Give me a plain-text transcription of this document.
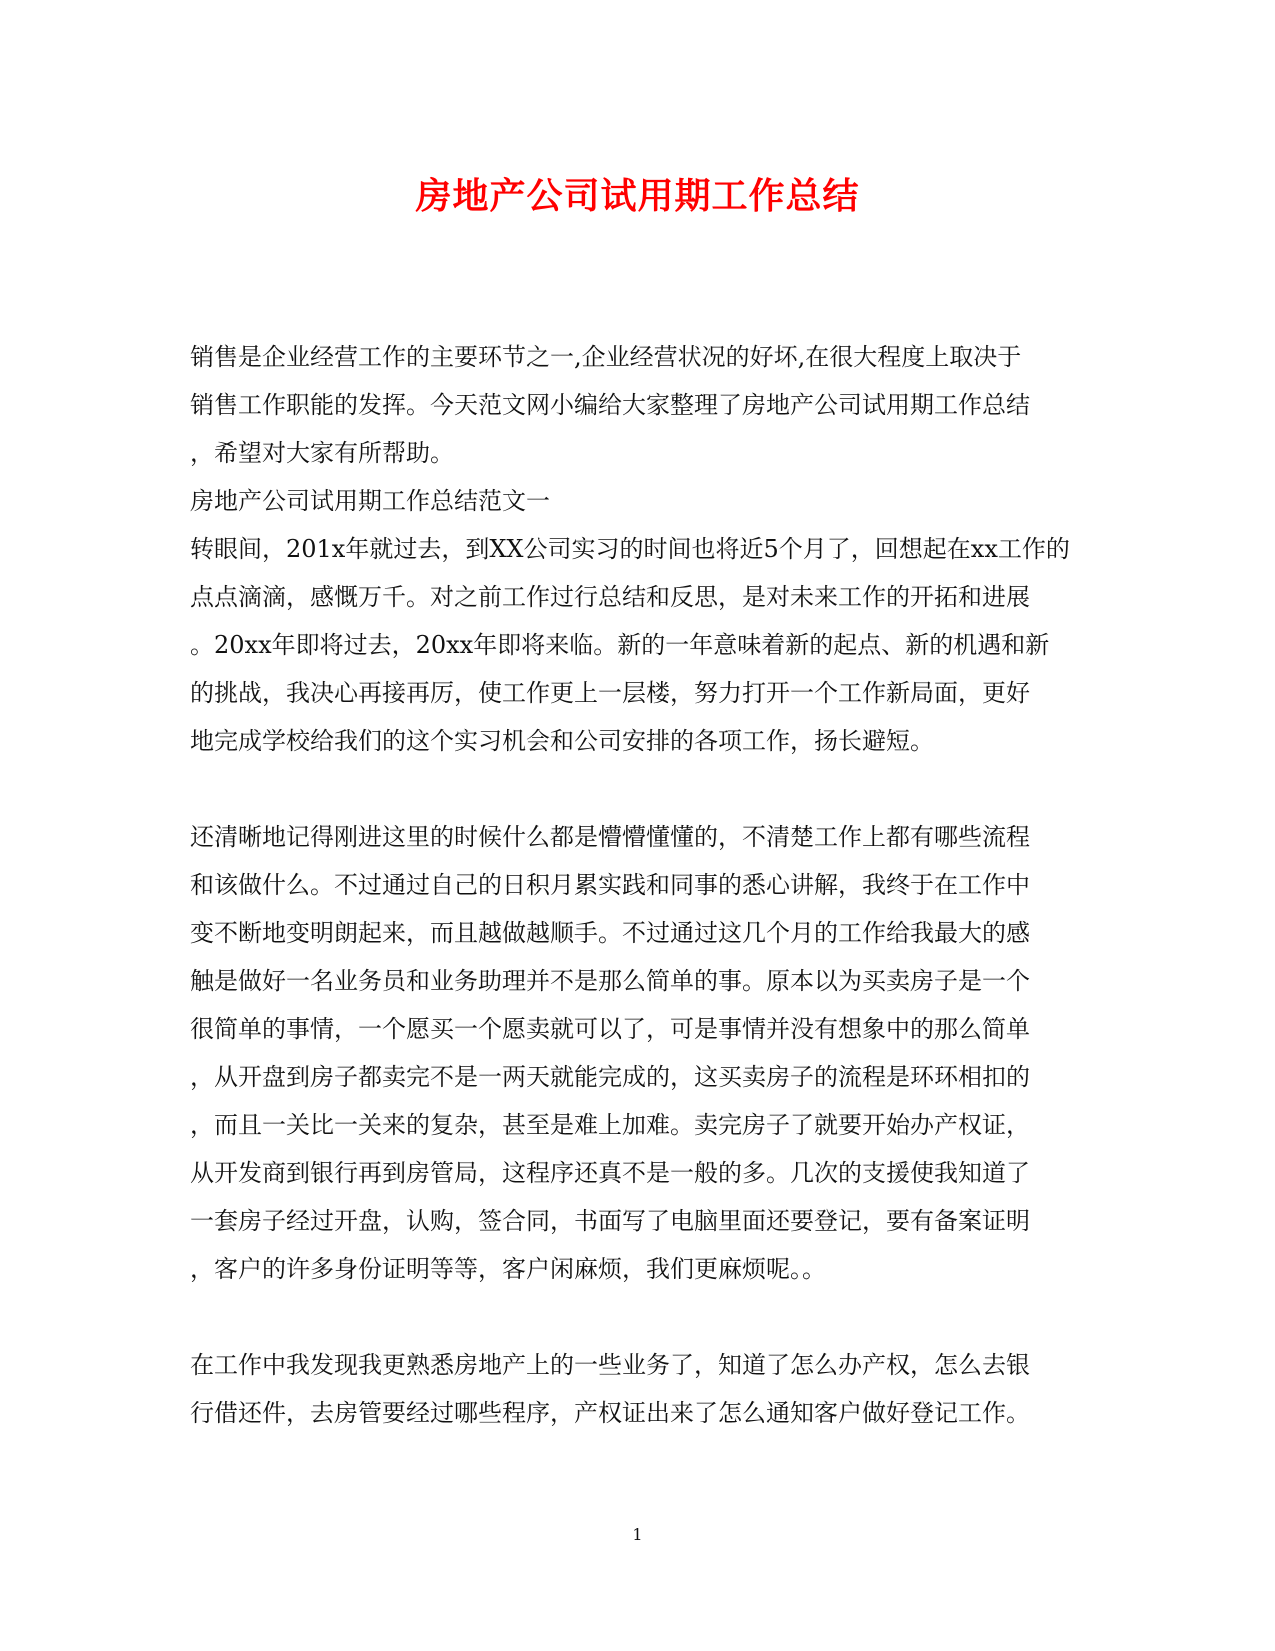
房地产公司试用期工作总结
销售是企业经营工作的主要环节之一,企业经营状况的好坏,在很大程度上取决于
销售工作职能的发挥。今天范文网小编给大家整理了房地产公司试用期工作总结
，希望对大家有所帮助。
房地产公司试用期工作总结范文一
转眼间，201x年就过去，到XX公司实习的时间也将近5个月了，回想起在xx工作的
点点滴滴，感慨万千。对之前工作过行总结和反思，是对未来工作的开拓和进展
。20xx年即将过去，20xx年即将来临。新的一年意味着新的起点、新的机遇和新
的挑战，我决心再接再厉，使工作更上一层楼，努力打开一个工作新局面，更好
地完成学校给我们的这个实习机会和公司安排的各项工作，扬长避短。
还清晰地记得刚进这里的时候什么都是懵懵懂懂的，不清楚工作上都有哪些流程
和该做什么。不过通过自己的日积月累实践和同事的悉心讲解，我终于在工作中
变不断地变明朗起来，而且越做越顺手。不过通过这几个月的工作给我最大的感
触是做好一名业务员和业务助理并不是那么简单的事。原本以为买卖房子是一个
很简单的事情，一个愿买一个愿卖就可以了，可是事情并没有想象中的那么简单
，从开盘到房子都卖完不是一两天就能完成的，这买卖房子的流程是环环相扣的
，而且一关比一关来的复杂，甚至是难上加难。卖完房子了就要开始办产权证，
从开发商到银行再到房管局，这程序还真不是一般的多。几次的支援使我知道了
一套房子经过开盘，认购，签合同，书面写了电脑里面还要登记，要有备案证明
，客户的许多身份证明等等，客户闲麻烦，我们更麻烦呢。。
在工作中我发现我更熟悉房地产上的一些业务了，知道了怎么办产权，怎么去银
行借还件，去房管要经过哪些程序，产权证出来了怎么通知客户做好登记工作。
1
